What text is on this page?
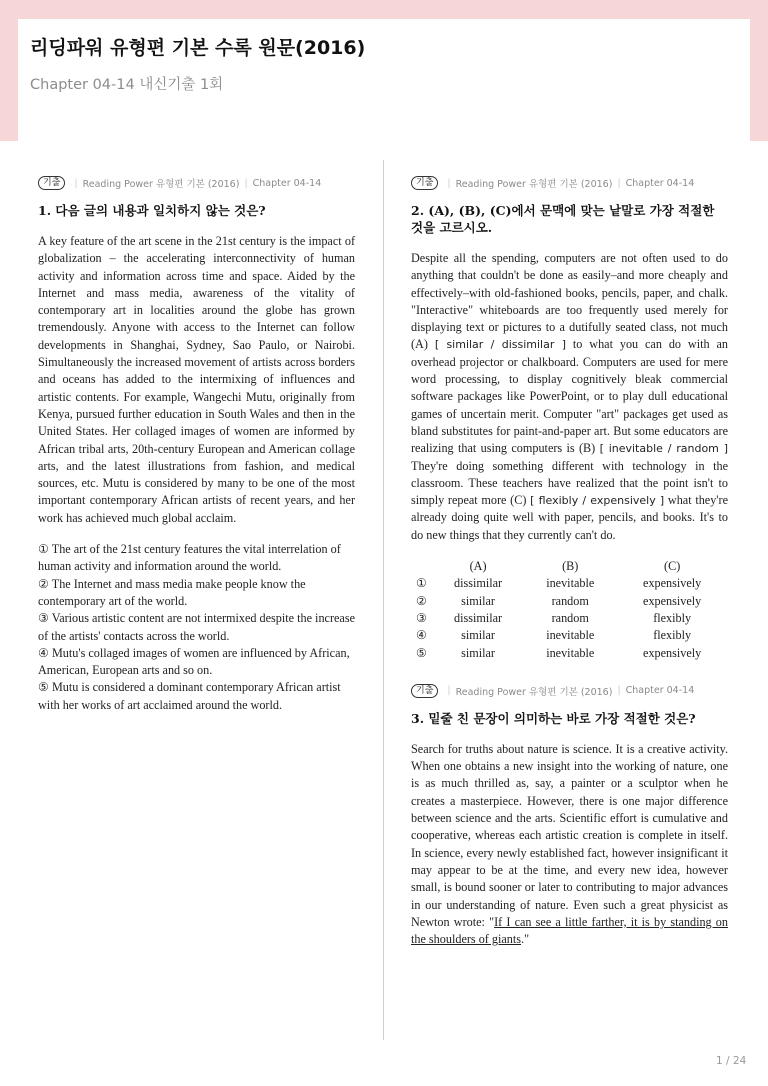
리딩파워 유형편 기본 수록 원문(2016)

Chapter 04-14 내신기출 1회

기출	| Reading Power 유형편 기본 (2016) | Chapter 04-14

1. 다음 글의 내용과 일치하지 않는 것은?

A key feature of the art scene in the 21st century is the impact of globalization – the accelerating interconnectivity of human activity and information across time and space. Aided by the Internet and mass media, awareness of the vitality of contemporary art in localities around the globe has grown tremendously. Anyone with access to the Internet can follow developments in Shanghai, Sydney, Sao Paulo, or Nairobi. Simultaneously the increased movement of artists across borders and oceans has added to the intermixing of influences and artistic contents. For example, Wangechi Mutu, originally from Kenya, pursued further education in South Wales and then in the United States. Her collaged images of women are informed by African tribal arts, 20th-century European and American collage arts, and the latest illustrations from fashion, and medical sources, etc. Mutu is considered by many to be one of the most important contemporary African artists of recent years, and her work has achieved much global acclaim.

① The art of the 21st century features the vital interrelation of human activity and information around the world.
② The Internet and mass media make people know the contemporary art of the world.
③ Various artistic content are not intermixed despite the increase of the artists' contacts across the world.
④ Mutu's collaged images of women are influenced by African, American, European arts and so on.
⑤ Mutu is considered a dominant contemporary African artist with her works of art acclaimed around the world.
기출	| Reading Power 유형편 기본 (2016) | Chapter 04-14

2. (A), (B), (C)에서 문맥에 맞는 낱말로 가장 적절한 것을 고르시오.

Despite all the spending, computers are not often used to do anything that couldn't be done as easily–and more cheaply and effectively–with old-fashioned books, pencils, paper, and chalk. "Interactive" whiteboards are too frequently used merely for displaying text or pictures to a dutifully seated class, not much (A) [ similar / dissimilar ] to what you can do with an overhead projector or chalkboard. Computers are used for mere word processing, to display cognitively bleak commercial software packages like PowerPoint, or to play dull educational games of uncertain merit. Computer "art" packages get used as bland substitutes for paint-and-paper art. But some educators are realizing that using computers is (B) [ inevitable / random ] They're doing something different with technology in the classroom. These teachers have realized that the point isn't to simply repeat more (C) [ flexibly / expensively ] what they're already doing quite well with paper, pencils, and books. It's to do new things that they currently can't do.

	(A)	(B)	(C)
①	dissimilar	inevitable	expensively
②	similar	random	expensively
③	dissimilar	random	flexibly
④	similar	inevitable	flexibly
⑤	similar	inevitable	expensively
기출	| Reading Power 유형편 기본 (2016) | Chapter 04-14

3. 밑줄 친 문장이 의미하는 바로 가장 적절한 것은?

Search for truths about nature is science. It is a creative activity. When one obtains a new insight into the working of nature, one is as much thrilled as, say, a painter or a sculptor when he creates a masterpiece. However, there is one major difference between science and the arts. Scientific effort is cumulative and cooperative, whereas each artistic creation is complete in itself. In science, every newly established fact, however insignificant it may appear to be at the time, and every new idea, however small, is bound sooner or later to contributing to major advances in our understanding of nature. Even such a great physicist as Newton wrote: "If I can see a little farther, it is by standing on the shoulders of giants."

1 / 24
